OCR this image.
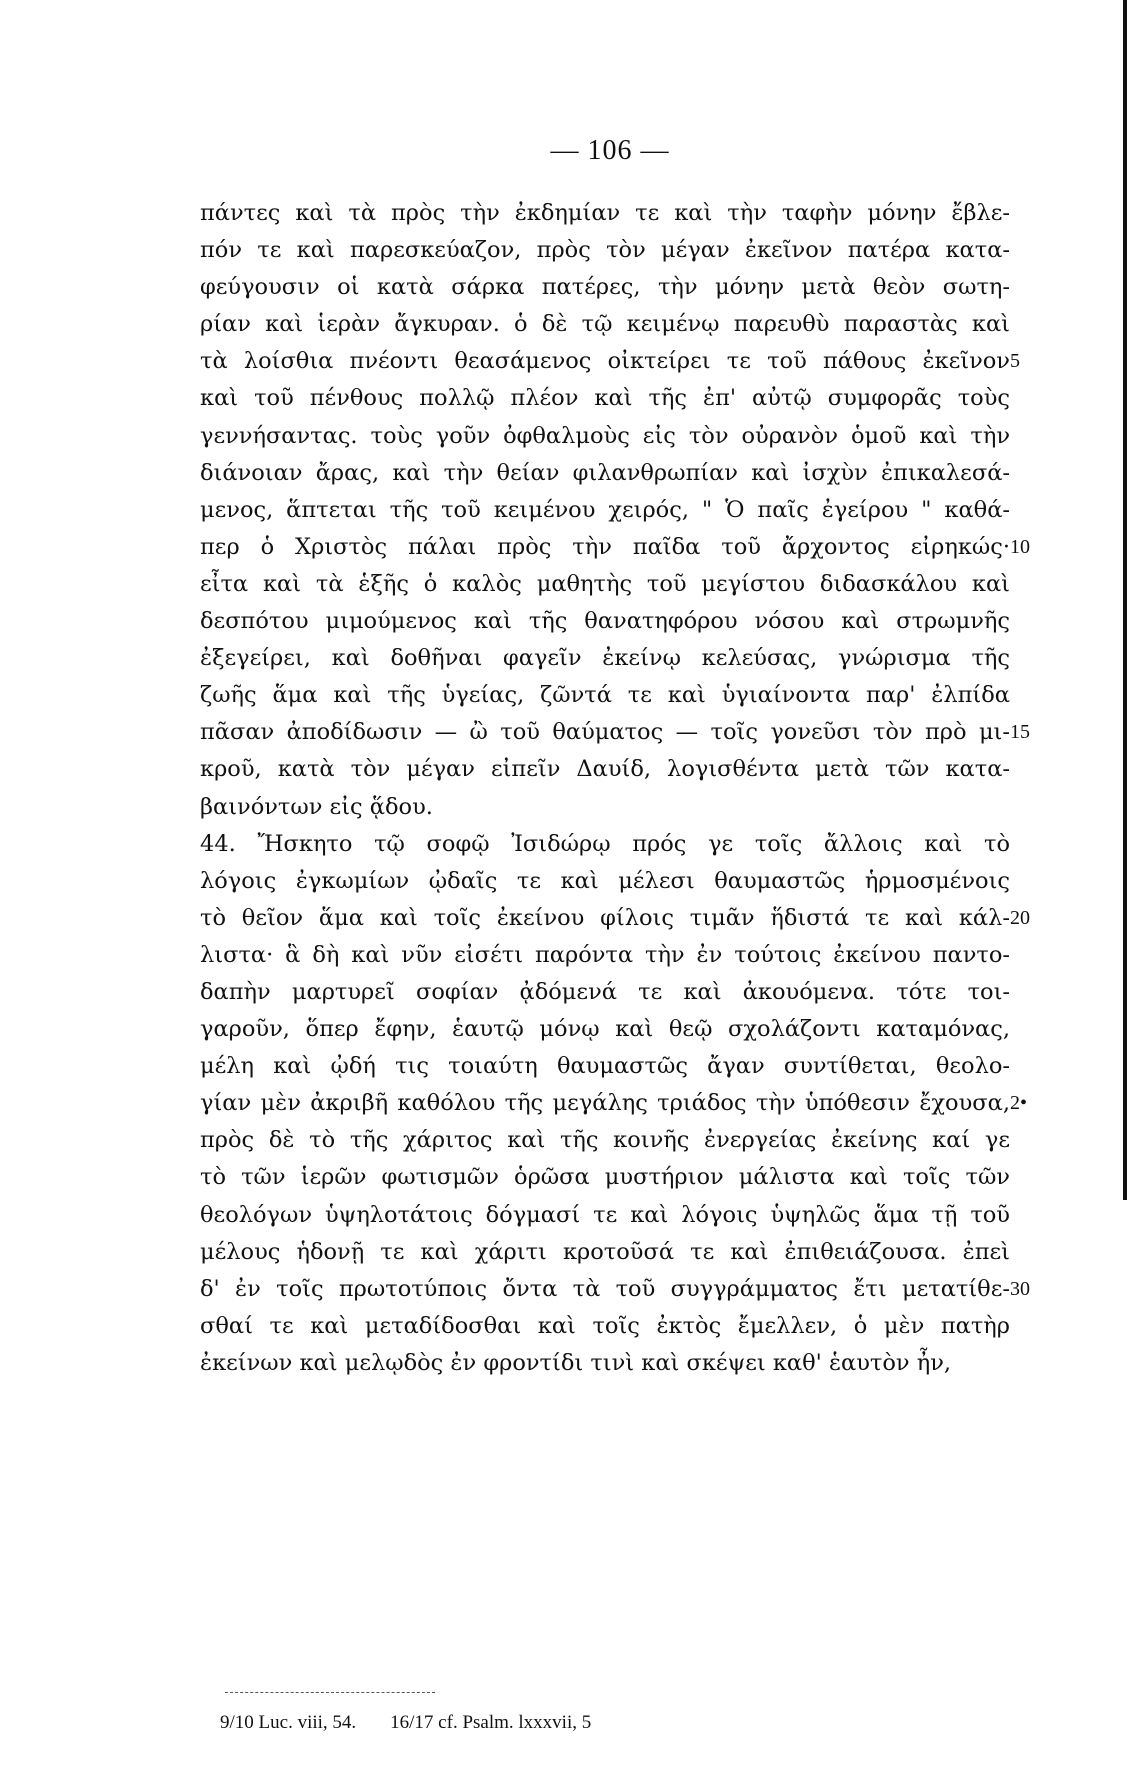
— 106 —
πάντες καὶ τὰ πρὸς τὴν ἐκδημίαν τε καὶ τὴν ταφὴν μόνην ἔβλε-
πόν τε καὶ παρεσκεύαζον, πρὸς τὸν μέγαν ἐκεῖνον πατέρα κατα-
φεύγουσιν οἱ κατὰ σάρκα πατέρες, τὴν μόνην μετὰ θεὸν σωτη-
ρίαν καὶ ἱερὰν ἄγκυραν. ὁ δὲ τῷ κειμένῳ παρευθὺ παραστὰς καὶ
τὰ λοίσθια πνέοντι θεασάμενος οἰκτείρει τε τοῦ πάθους ἐκεῖνον 5
καὶ τοῦ πένθους πολλῷ πλέον καὶ τῆς ἐπ' αὐτῷ συμφορᾶς τοὺς
γεννήσαντας. τοὺς γοῦν ὀφθαλμοὺς εἰς τὸν οὐρανὸν ὁμοῦ καὶ τὴν
διάνοιαν ἄρας, καὶ τὴν θείαν φιλανθρωπίαν καὶ ἰσχὺν ἐπικαλεσά-
μενος, ἅπτεται τῆς τοῦ κειμένου χειρός, " Ὁ παῖς ἐγείρου " καθά-
περ ὁ Χριστὸς πάλαι πρὸς τὴν παῖδα τοῦ ἄρχοντος εἰρηκώς· 10
εἶτα καὶ τὰ ἑξῆς ὁ καλὸς μαθητὴς τοῦ μεγίστου διδασκάλου καὶ
δεσπότου μιμούμενος καὶ τῆς θανατηφόρου νόσου καὶ στρωμνῆς
ἐξεγείρει, καὶ δοθῆναι φαγεῖν ἐκείνῳ κελεύσας, γνώρισμα τῆς
ζωῆς ἅμα καὶ τῆς ὑγείας, ζῶντά τε καὶ ὑγιαίνοντα παρ' ἐλπίδα
πᾶσαν ἀποδίδωσιν — ὢ τοῦ θαύματος — τοῖς γονεῦσι τὸν πρὸ μι- 15
κροῦ, κατὰ τὸν μέγαν εἰπεῖν Δαυίδ, λογισθέντα μετὰ τῶν κατα-
βαινόντων εἰς ᾅδου.
44. Ἤσκητο τῷ σοφῷ Ἰσιδώρῳ πρός γε τοῖς ἄλλοις καὶ τὸ
λόγοις ἐγκωμίων ᾠδαῖς τε καὶ μέλεσι θαυμαστῶς ἡρμοσμένοις
τὸ θεῖον ἅμα καὶ τοῖς ἐκείνου φίλοις τιμᾶν ἥδιστά τε καὶ κάλ- 20
λιστα· ἃ δὴ καὶ νῦν εἰσέτι παρόντα τὴν ἐν τούτοις ἐκείνου παντο-
δαπὴν μαρτυρεῖ σοφίαν ᾀδόμενά τε καὶ ἀκουόμενα. τότε τοι-
γαροῦν, ὅπερ ἔφην, ἑαυτῷ μόνῳ καὶ θεῷ σχολάζοντι καταμόνας,
μέλη καὶ ᾠδή τις τοιαύτη θαυμαστῶς ἄγαν συντίθεται, θεολο-
γίαν μὲν ἀκριβῆ καθόλου τῆς μεγάλης τριάδος τὴν ὑπόθεσιν ἔχουσα, 2•
πρὸς δὲ τὸ τῆς χάριτος καὶ τῆς κοινῆς ἐνεργείας ἐκείνης καί γε
τὸ τῶν ἱερῶν φωτισμῶν ὁρῶσα μυστήριον μάλιστα καὶ τοῖς τῶν
θεολόγων ὑψηλοτάτοις δόγμασί τε καὶ λόγοις ὑψηλῶς ἅμα τῇ τοῦ
μέλους ἡδονῇ τε καὶ χάριτι κροτοῦσά τε καὶ ἐπιθειάζουσα. ἐπεὶ
δ' ἐν τοῖς πρωτοτύποις ὄντα τὰ τοῦ συγγράμματος ἔτι μετατίθε- 30
σθαί τε καὶ μεταδίδοσθαι καὶ τοῖς ἐκτὸς ἔμελλεν, ὁ μὲν πατὴρ
ἐκείνων καὶ μελῳδὸς ἐν φροντίδι τινὶ καὶ σκέψει καθ' ἑαυτὸν ἦν,
9/10 Luc. viii, 54. 16/17 cf. Psalm. lxxxvii, 5
